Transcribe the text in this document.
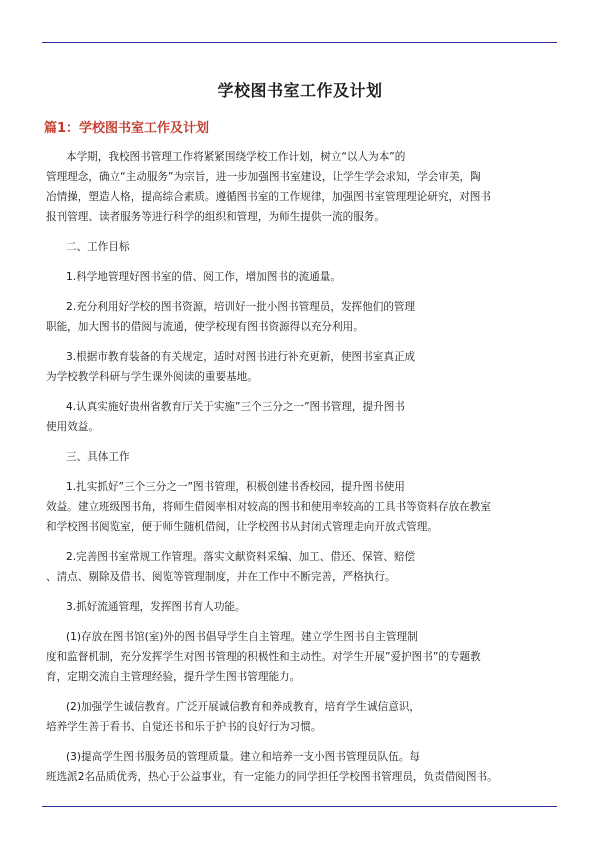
学校图书室工作及计划
篇1：学校图书室工作及计划

本学期，我校图书管理工作将紧紧围绕学校工作计划，树立“以人为本”的
管理理念，确立“主动服务”为宗旨，进一步加强图书室建设，让学生学会求知，学会审美，陶
冶情操，塑造人格，提高综合素质。遵循图书室的工作规律，加强图书室管理理论研究，对图书
报刊管理、读者服务等进行科学的组织和管理，为师生提供一流的服务。

二、工作目标

1.科学地管理好图书室的借、阅工作，增加图书的流通量。

2.充分利用好学校的图书资源，培训好一批小图书管理员，发挥他们的管理
职能，加大图书的借阅与流通，使学校现有图书资源得以充分利用。

3.根据市教育装备的有关规定，适时对图书进行补充更新，使图书室真正成
为学校教学科研与学生课外阅读的重要基地。

4.认真实施好贵州省教育厅关于实施”三个三分之一”图书管理，提升图书
使用效益。

三、具体工作

1.扎实抓好”三个三分之一”图书管理，积极创建书香校园，提升图书使用
效益。建立班级图书角，将师生借阅率相对较高的图书和使用率较高的工具书等资料存放在教室
和学校图书阅览室，便于师生随机借阅，让学校图书从封闭式管理走向开放式管理。

2.完善图书室常规工作管理。落实文献资料采编、加工、借还、保管、赔偿
、清点、剔除及借书、阅览等管理制度，并在工作中不断完善，严格执行。

3.抓好流通管理，发挥图书育人功能。

(1)存放在图书馆(室)外的图书倡导学生自主管理。建立学生图书自主管理制
度和监督机制，充分发挥学生对图书管理的积极性和主动性。对学生开展”爱护图书”的专题教
育，定期交流自主管理经验，提升学生图书管理能力。

(2)加强学生诚信教育。广泛开展诚信教育和养成教育，培育学生诚信意识，
培养学生善于看书、自觉还书和乐于护书的良好行为习惯。

(3)提高学生图书服务员的管理质量。建立和培养一支小图书管理员队伍。每
班选派2名品质优秀，热心于公益事业，有一定能力的同学担任学校图书管理员，负责借阅图书。
